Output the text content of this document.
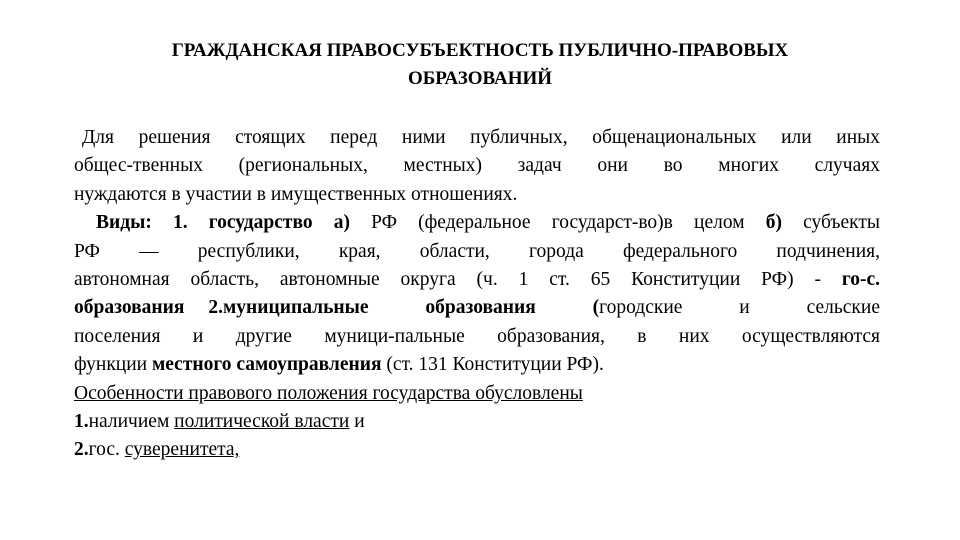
ГРАЖДАНСКАЯ ПРАВОСУБЪЕКТНОСТЬ ПУБЛИЧНО-ПРАВОВЫХ
ОБРАЗОВАНИЙ
Для решения стоящих перед ними публичных, общенациональных или иных
общес-твенных (региональных, местных) задач они во многих случаях
нуждаются в участии в имущественных отношениях.
Виды: 1. государство а) РФ (федеральное государст-во)в целом б) субъекты
РФ — республики, края, области, города федерального подчинения,
автономная область, автономные округа (ч. 1 ст. 65 Конституции РФ) - го-с.
образования 2.муниципальные образования (городские и сельские
поселения и другие муници-пальные образования, в них осуществляются
функции местного самоуправления (ст. 131 Конституции РФ).
Особенности правового положения государства обусловлены
1.наличием политической власти и
2.гос. суверенитета,
